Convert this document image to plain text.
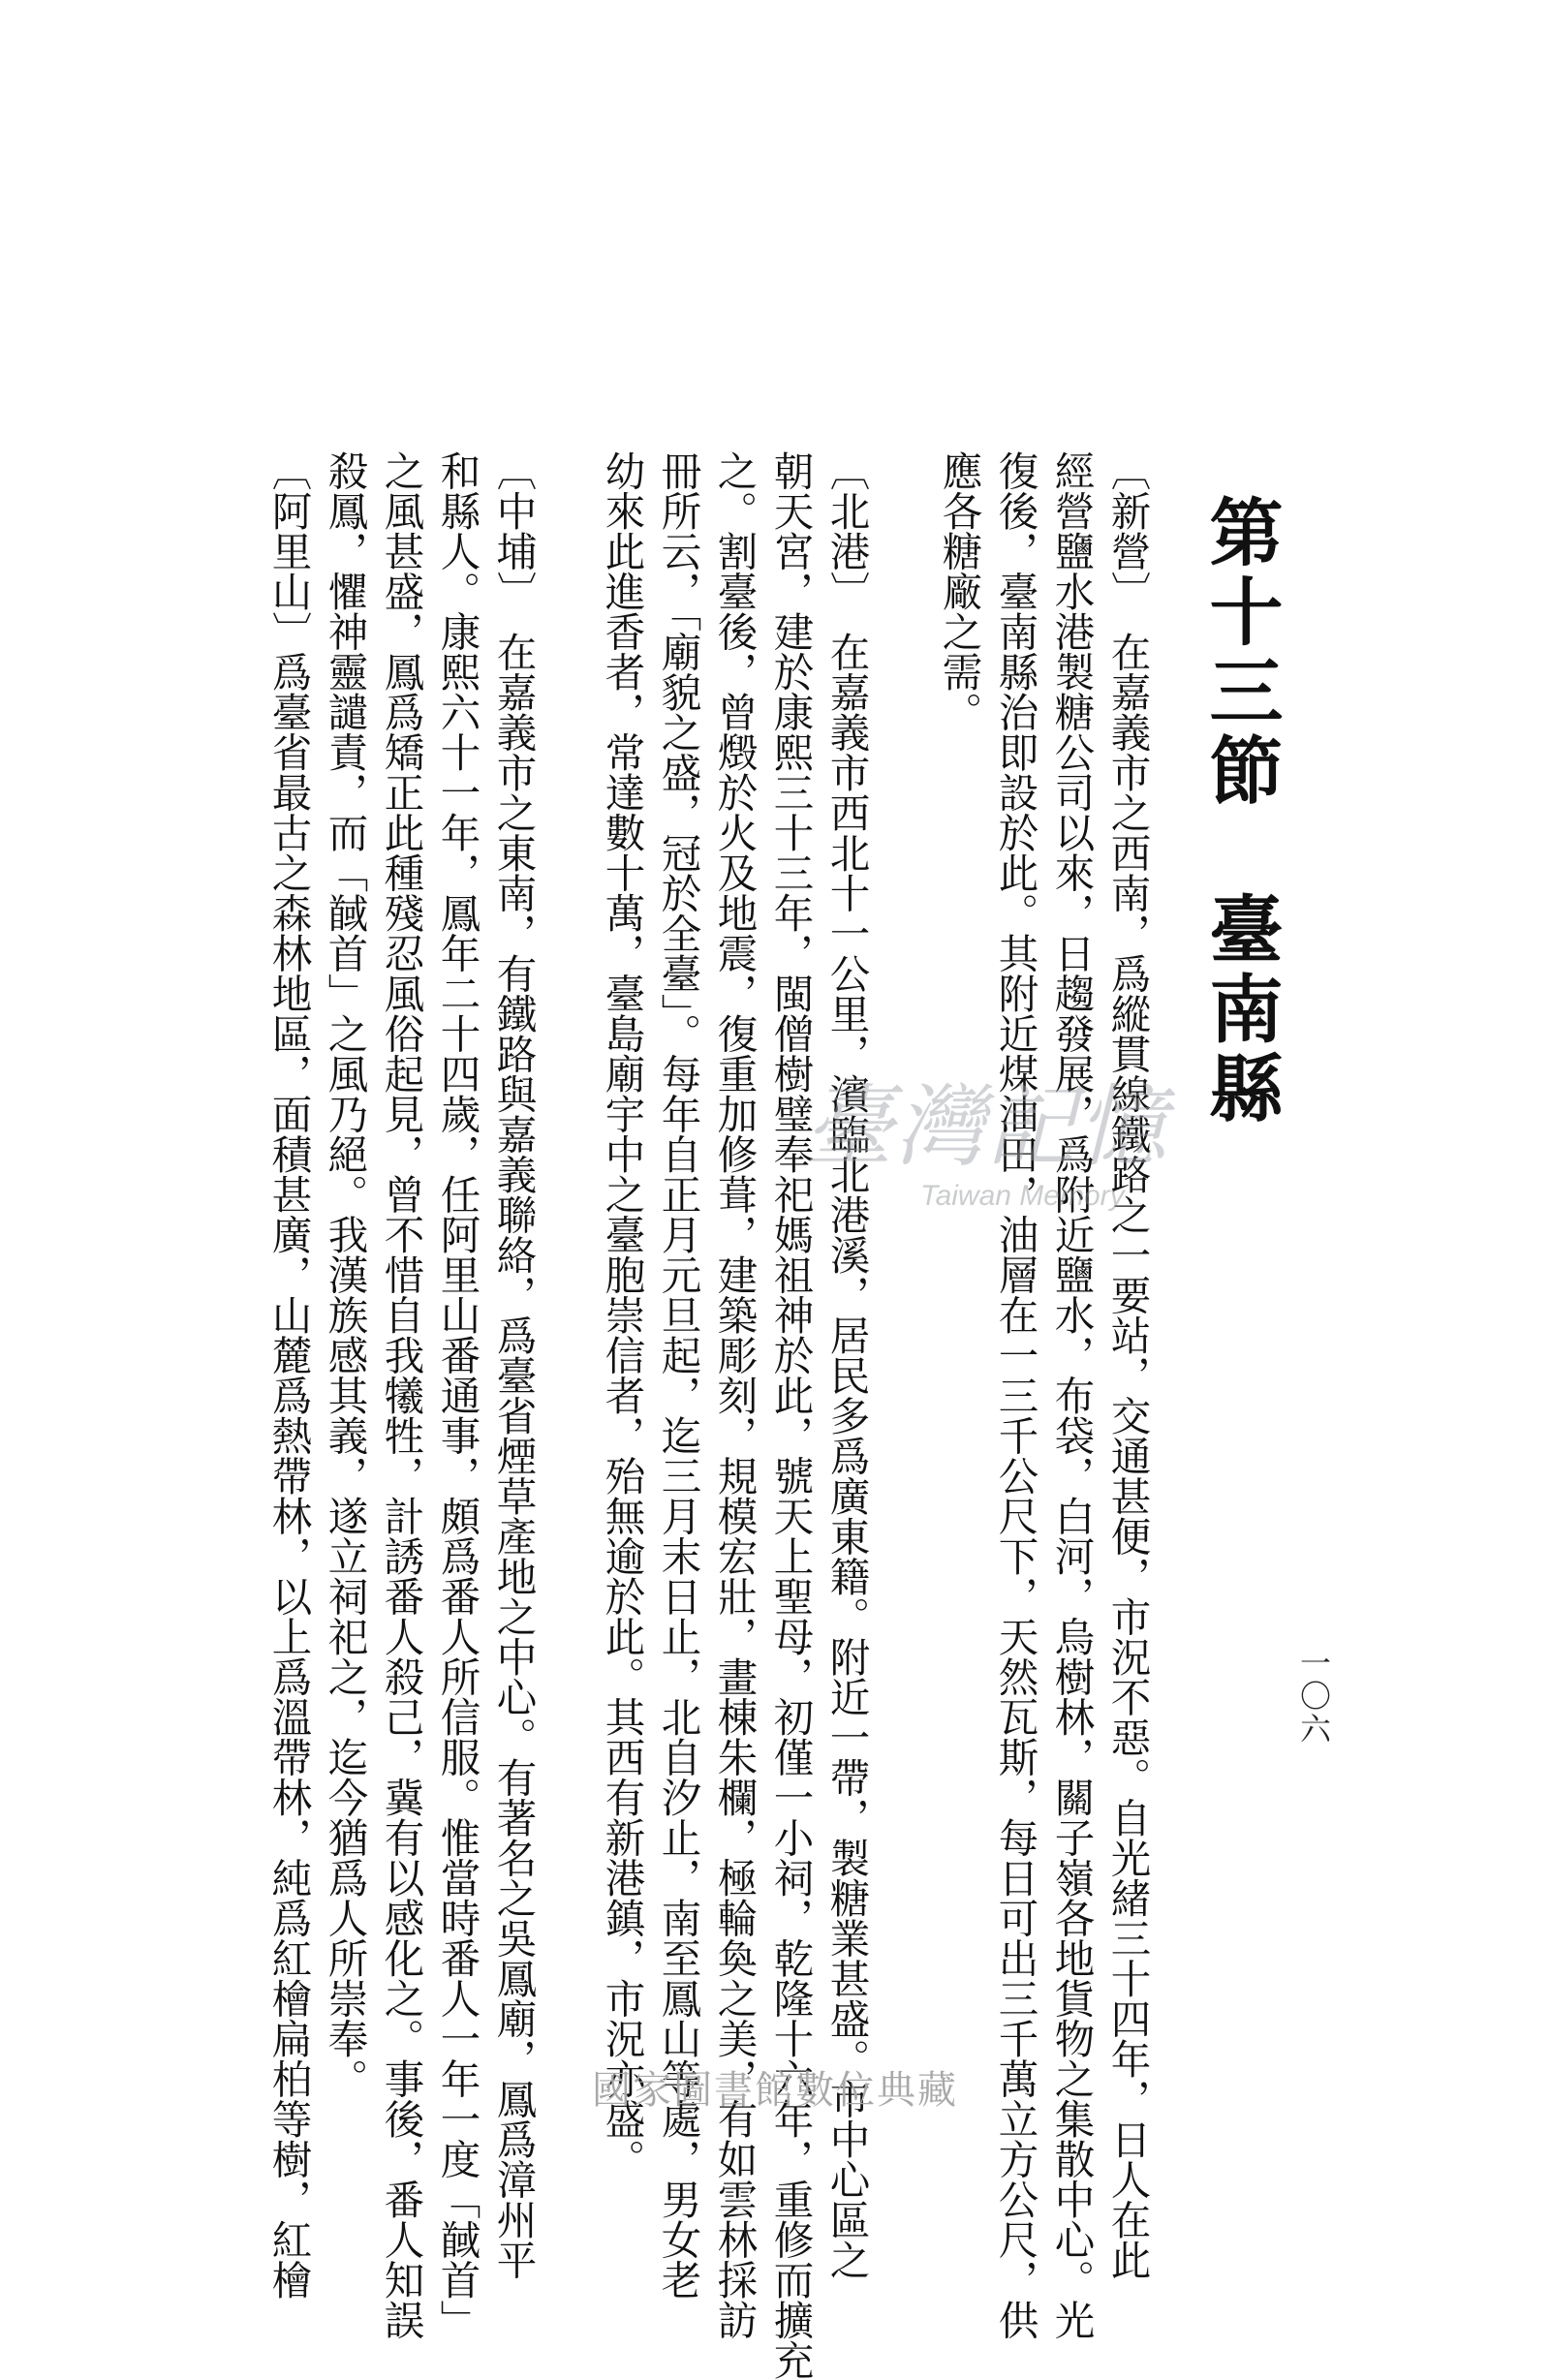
第十三節　臺南縣
一〇六
〔新營〕　在嘉義市之西南，爲縱貫線鐵路之一要站，交通甚便，市況不惡。自光緒三十四年，日人在此
經營鹽水港製糖公司以來，日趨發展，爲附近鹽水，布袋，白河，烏樹林，關子嶺各地貨物之集散中心。光
復後，臺南縣治即設於此。其附近煤油田，油層在一三千公尺下，天然瓦斯，每日可出三千萬立方公尺，供
應各糖廠之需。
〔北港〕　在嘉義市西北十一公里，濱臨北港溪，居民多爲廣東籍。附近一帶，製糖業甚盛。市中心區之
朝天宮，建於康熙三十三年，閩僧樹璧奉祀媽祖神於此，號天上聖母，初僅一小祠，乾隆十六年，重修而擴充
之。割臺後，曾燬於火及地震，復重加修葺，建築彫刻，規模宏壯，畫棟朱欄，極輪奐之美，有如雲林採訪
冊所云，「廟貌之盛，冠於全臺」。每年自正月元旦起，迄三月末日止，北自汐止，南至鳳山等處，男女老
幼來此進香者，常達數十萬，臺島廟宇中之臺胞崇信者，殆無逾於此。其西有新港鎮，市況亦盛。
〔中埔〕　在嘉義市之東南，有鐵路與嘉義聯絡，爲臺省煙草產地之中心。有著名之吳鳳廟，鳳爲漳州平
和縣人。康熙六十一年，鳳年二十四歲，任阿里山番通事，頗爲番人所信服。惟當時番人一年一度「馘首」
之風甚盛，鳳爲矯正此種殘忍風俗起見，曾不惜自我犧牲，計誘番人殺己，冀有以感化之。事後，番人知誤
殺鳳，懼神靈譴責，而「馘首」之風乃絕。我漢族感其義，遂立祠祀之，迄今猶爲人所崇奉。
〔阿里山〕爲臺省最古之森林地區，面積甚廣，山麓爲熱帶林，以上爲溫帶林，純爲紅檜扁柏等樹，紅檜	臺灣記憶
Taiwan Memory
國家圖書館數位典藏
